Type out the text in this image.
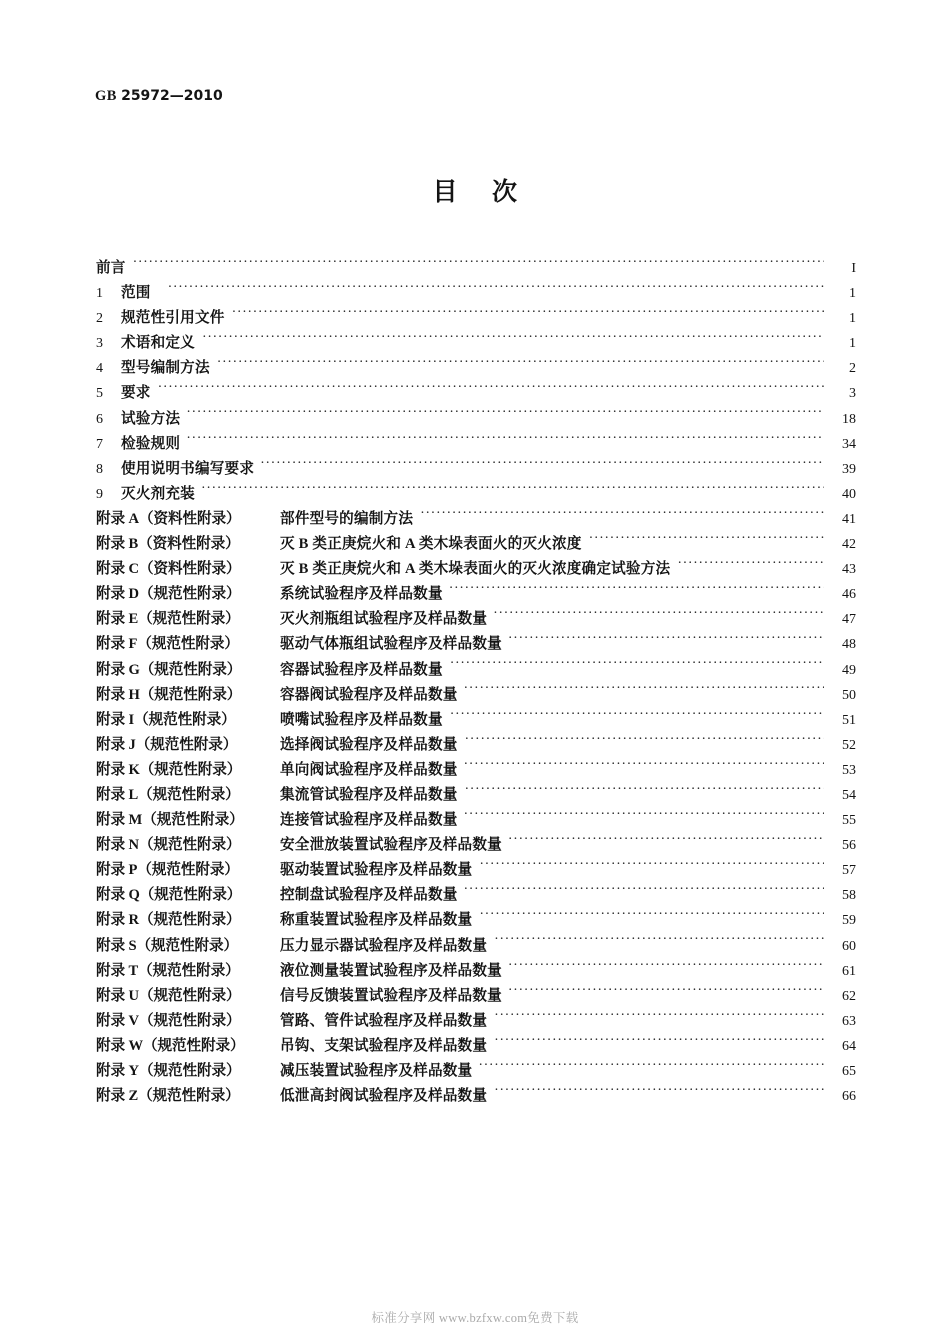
GB 25972—2010
目 次
前言 ·····	I
1	范围 ·····	1
2	规范性引用文件 ·····	1
3	术语和定义 ·····	1
4	型号编制方法 ·····	2
5	要求 ·····	3
6	试验方法 ·····	18
7	检验规则 ·····	34
8	使用说明书编写要求 ·····	39
9	灭火剂充装 ·····	40
附录 A（资料性附录）	部件型号的编制方法 ·····	41
附录 B（资料性附录）	灭 B 类正庚烷火和 A 类木垛表面火的灭火浓度 ·····	42
附录 C（资料性附录）	灭 B 类正庚烷火和 A 类木垛表面火的灭火浓度确定试验方法 ·····	43
附录 D（规范性附录）	系统试验程序及样品数量 ·····	46
附录 E（规范性附录）	灭火剂瓶组试验程序及样品数量 ·····	47
附录 F（规范性附录）	驱动气体瓶组试验程序及样品数量 ·····	48
附录 G（规范性附录）	容器试验程序及样品数量 ·····	49
附录 H（规范性附录）	容器阀试验程序及样品数量 ·····	50
附录 I（规范性附录）	喷嘴试验程序及样品数量 ·····	51
附录 J（规范性附录）	选择阀试验程序及样品数量 ·····	52
附录 K（规范性附录）	单向阀试验程序及样品数量 ·····	53
附录 L（规范性附录）	集流管试验程序及样品数量 ·····	54
附录 M（规范性附录）	连接管试验程序及样品数量 ·····	55
附录 N（规范性附录）	安全泄放装置试验程序及样品数量 ·····	56
附录 P（规范性附录）	驱动装置试验程序及样品数量 ·····	57
附录 Q（规范性附录）	控制盘试验程序及样品数量 ·····	58
附录 R（规范性附录）	称重装置试验程序及样品数量 ·····	59
附录 S（规范性附录）	压力显示器试验程序及样品数量 ·····	60
附录 T（规范性附录）	液位测量装置试验程序及样品数量 ·····	61
附录 U（规范性附录）	信号反馈装置试验程序及样品数量 ·····	62
附录 V（规范性附录）	管路、管件试验程序及样品数量 ·····	63
附录 W（规范性附录）	吊钩、支架试验程序及样品数量 ·····	64
附录 Y（规范性附录）	减压装置试验程序及样品数量 ·····	65
附录 Z（规范性附录）	低泄高封阀试验程序及样品数量 ·····	66
标准分享网 www.bzfxw.com免费下载
